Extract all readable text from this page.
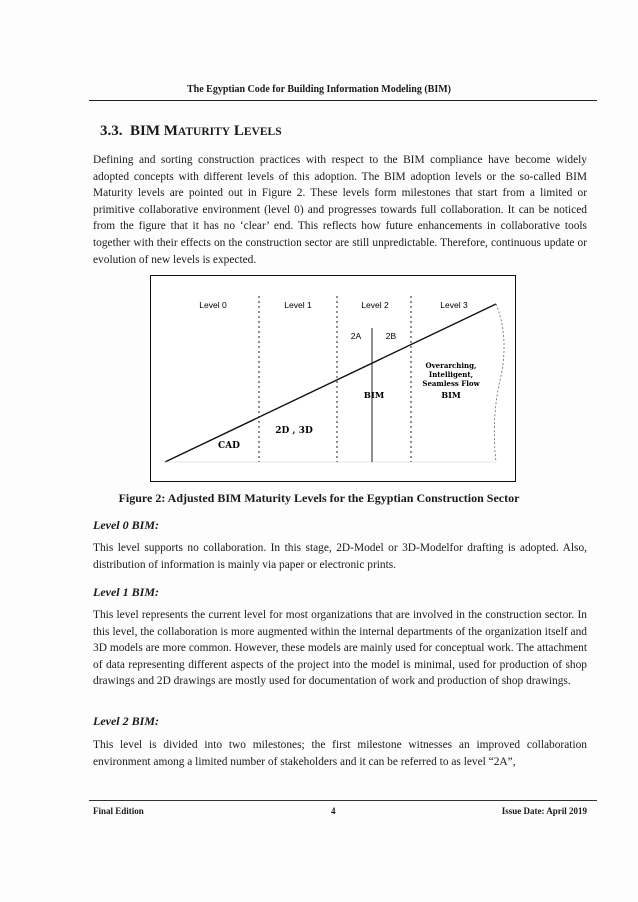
The Egyptian Code for Building Information Modeling (BIM)
3.3. BIM MATURITY LEVELS

Defining and sorting construction practices with respect to the BIM compliance have become widely adopted concepts with different levels of this adoption. The BIM adoption levels or the so-called BIM Maturity levels are pointed out in Figure 2. These levels form milestones that start from a limited or primitive collaborative environment (level 0) and progresses towards full collaboration. It can be noticed from the figure that it has no ‘clear’ end. This reflects how future enhancements in collaborative tools together with their effects on the construction sector are still unpredictable. Therefore, continuous update or evolution of new levels is expected.

Level 0	Level 1	Level 2	Level 3
2A	2B
CAD
2D , 3D
BIM
Overarching,
Intelligent,
Seamless Flow
BIM
Figure 2: Adjusted BIM Maturity Levels for the Egyptian Construction Sector
Level 0 BIM:

This level supports no collaboration. In this stage, 2D-Model or 3D-Modelfor drafting is adopted. Also, distribution of information is mainly via paper or electronic prints.

Level 1 BIM:

This level represents the current level for most organizations that are involved in the construction sector. In this level, the collaboration is more augmented within the internal departments of the organization itself and 3D models are more common. However, these models are mainly used for conceptual work. The attachment of data representing different aspects of the project into the model is minimal, used for production of shop drawings and 2D drawings are mostly used for documentation of work and production of shop drawings.

Level 2 BIM:

This level is divided into two milestones; the first milestone witnesses an improved collaboration environment among a limited number of stakeholders and it can be referred to as level “2A”,

Final Edition	4	Issue Date: April 2019
